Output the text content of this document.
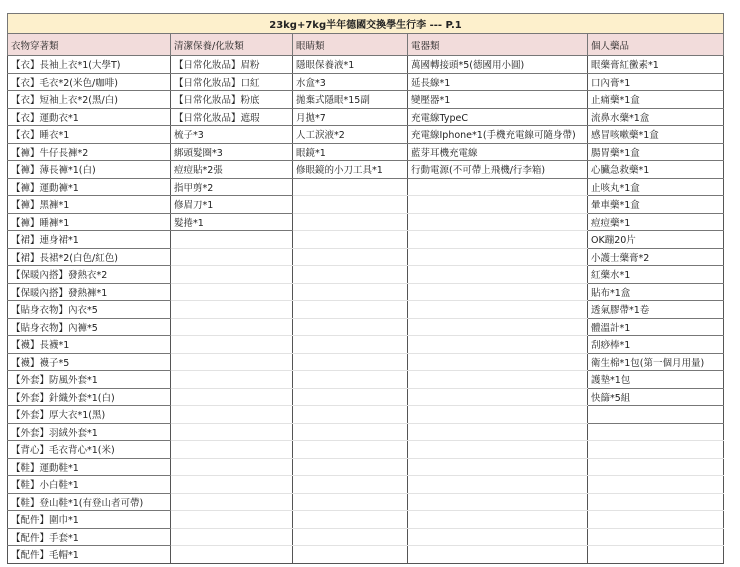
23kg+7kg半年德國交換學生行李 --- P.1				
衣物穿著類	清潔保養/化妝類	眼睛類	電器類	個人藥品
【衣】長袖上衣*1(大學T)	【日常化妝品】眉粉	隱眼保養液*1	萬國轉接頭*5(德國用小圓)	眼藥膏紅黴素*1
【衣】毛衣*2(米色/咖啡)	【日常化妝品】口紅	水盒*3	延長線*1	口內膏*1
【衣】短袖上衣*2(黑/白)	【日常化妝品】粉底	拋棄式隱眼*15副	變壓器*1	止痛藥*1盒
【衣】運動衣*1	【日常化妝品】遮瑕	月拋*7	充電線TypeC	流鼻水藥*1盒
【衣】睡衣*1	梳子*3	人工淚液*2	充電線Iphone*1(手機充電線可隨身帶)	感冒咳嗽藥*1盒
【褲】牛仔長褲*2	綁頭髮圈*3	眼鏡*1	藍芽耳機充電線	腸胃藥*1盒
【褲】薄長褲*1(白)	痘痘貼*2張	修眼鏡的小刀工具*1	行動電源(不可帶上飛機/行李箱)	心臟急救藥*1
【褲】運動褲*1	指甲剪*2			止咳丸*1盒
【褲】黑褲*1	修眉刀*1			暈車藥*1盒
【褲】睡褲*1	髮捲*1			痘痘藥*1
【裙】連身裙*1				OK蹦20片
【裙】長裙*2(白色/紅色)				小護士藥膏*2
【保暖內搭】發熱衣*2				紅藥水*1
【保暖內搭】發熱褲*1				貼布*1盒
【貼身衣物】內衣*5				透氣膠帶*1卷
【貼身衣物】內褲*5				體溫計*1
【襪】長襪*1				刮痧棒*1
【襪】襪子*5				衛生棉*1包(第一個月用量)
【外套】防風外套*1				護墊*1包
【外套】針織外套*1(白)				快篩*5組
【外套】厚大衣*1(黑)				
【外套】羽絨外套*1				
【背心】毛衣背心*1(米)				
【鞋】運動鞋*1				
【鞋】小白鞋*1				
【鞋】登山鞋*1(有登山者可帶)				
【配件】圍巾*1				
【配件】手套*1				
【配件】毛帽*1				
